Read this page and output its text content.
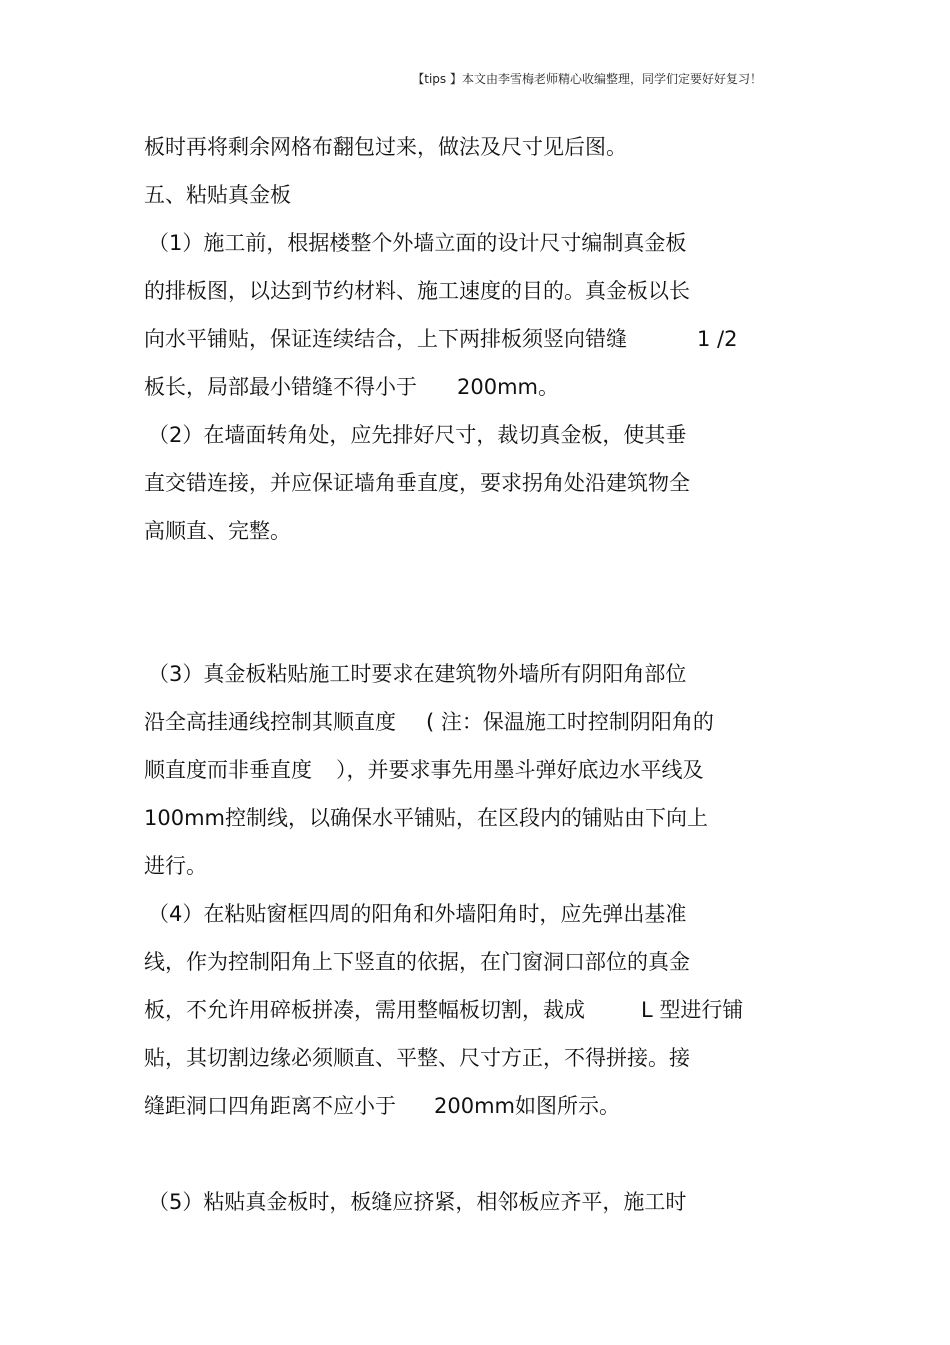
【tips 】本文由李雪梅老师精心收编整理，同学们定要好好复习！
板时再将剩余网格布翻包过来，做法及尺寸见后图。
五、粘贴真金板
（1）施工前，根据楼整个外墙立面的设计尺寸编制真金板
的排板图，以达到节约材料、施工速度的目的。真金板以长
向水平铺贴，保证连续结合，上下两排板须竖向错缝	1 /2
板长，局部最小错缝不得小于 200mm。
（2）在墙面转角处，应先排好尺寸，裁切真金板，使其垂
直交错连接，并应保证墙角垂直度，要求拐角处沿建筑物全
高顺直、完整。
（3）真金板粘贴施工时要求在建筑物外墙所有阴阳角部位
沿全高挂通线控制其顺直度 ( 注：保温施工时控制阴阳角的
顺直度而非垂直度 ），并要求事先用墨斗弹好底边水平线及
100mm控制线，以确保水平铺贴，在区段内的铺贴由下向上
进行。
（4）在粘贴窗框四周的阳角和外墙阳角时，应先弹出基准
线，作为控制阳角上下竖直的依据，在门窗洞口部位的真金
板，不允许用碎板拼凑，需用整幅板切割，裁成	L 型进行铺
贴，其切割边缘必须顺直、平整、尺寸方正，不得拼接。接
缝距洞口四角距离不应小于 200mm如图所示。
（5）粘贴真金板时，板缝应挤紧，相邻板应齐平，施工时
